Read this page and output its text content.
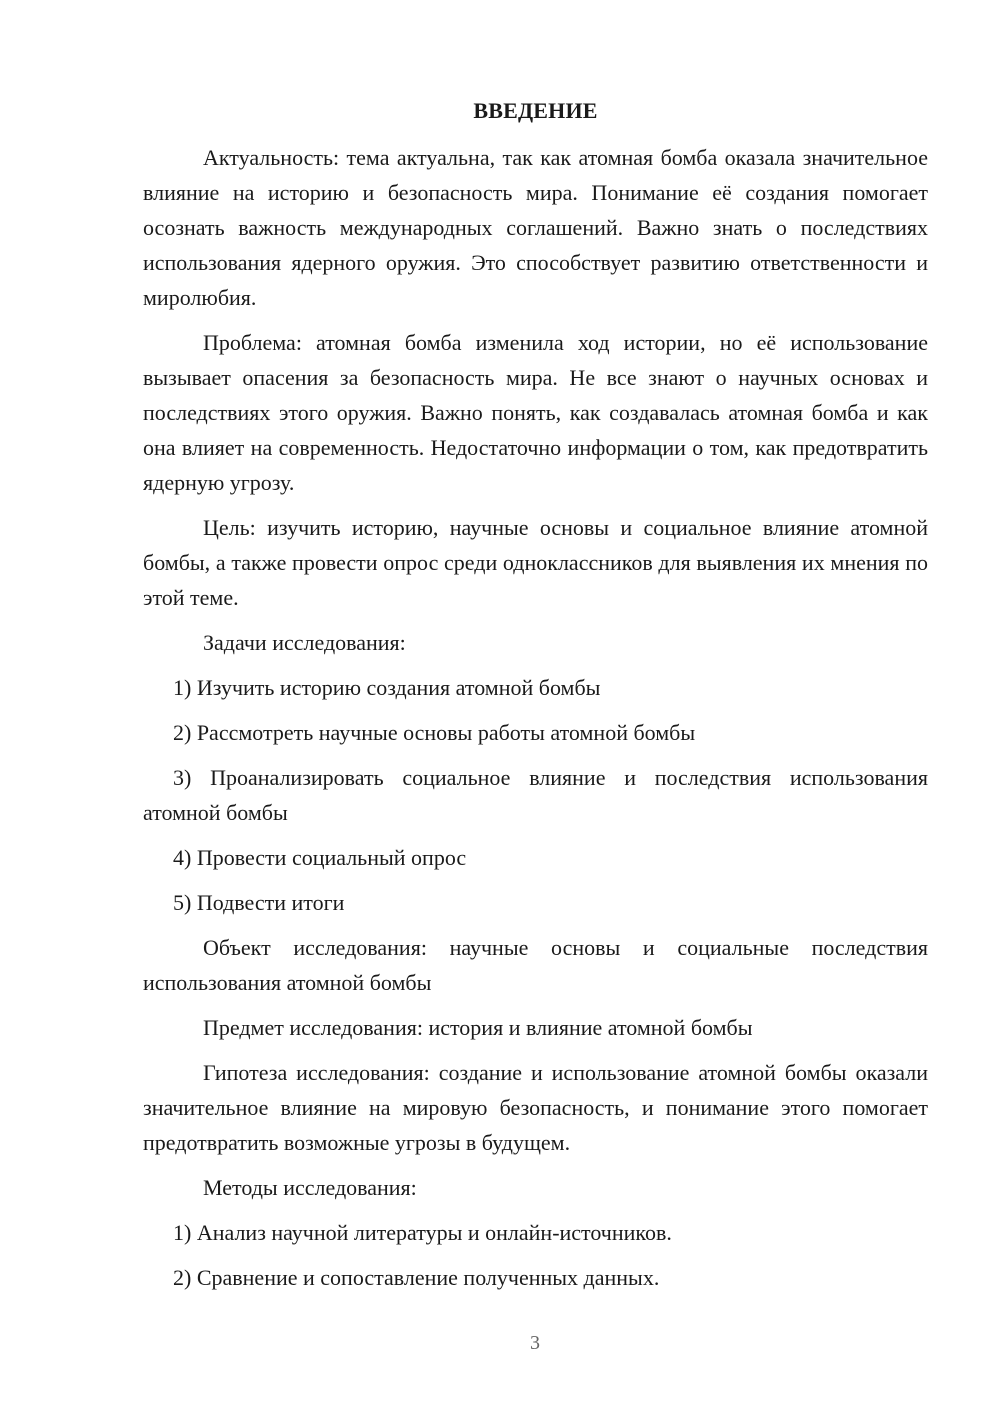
ВВЕДЕНИЕ

Актуальность: тема актуальна, так как атомная бомба оказала значительное влияние на историю и безопасность мира. Понимание её создания помогает осознать важность международных соглашений. Важно знать о последствиях использования ядерного оружия. Это способствует развитию ответственности и миролюбия.

Проблема: атомная бомба изменила ход истории, но её использование вызывает опасения за безопасность мира. Не все знают о научных основах и последствиях этого оружия. Важно понять, как создавалась атомная бомба и как она влияет на современность. Недостаточно информации о том, как предотвратить ядерную угрозу.

Цель: изучить историю, научные основы и социальное влияние атомной бомбы, а также провести опрос среди одноклассников для выявления их мнения по этой теме.

Задачи исследования:

1) Изучить историю создания атомной бомбы

2) Рассмотреть научные основы работы атомной бомбы

3) Проанализировать социальное влияние и последствия использования атомной бомбы

4) Провести социальный опрос

5) Подвести итоги

Объект исследования: научные основы и социальные последствия использования атомной бомбы

Предмет исследования: история и влияние атомной бомбы

Гипотеза исследования: создание и использование атомной бомбы оказали значительное влияние на мировую безопасность, и понимание этого помогает предотвратить возможные угрозы в будущем.

Методы исследования:

1) Анализ научной литературы и онлайн-источников.

2) Сравнение и сопоставление полученных данных.

3
